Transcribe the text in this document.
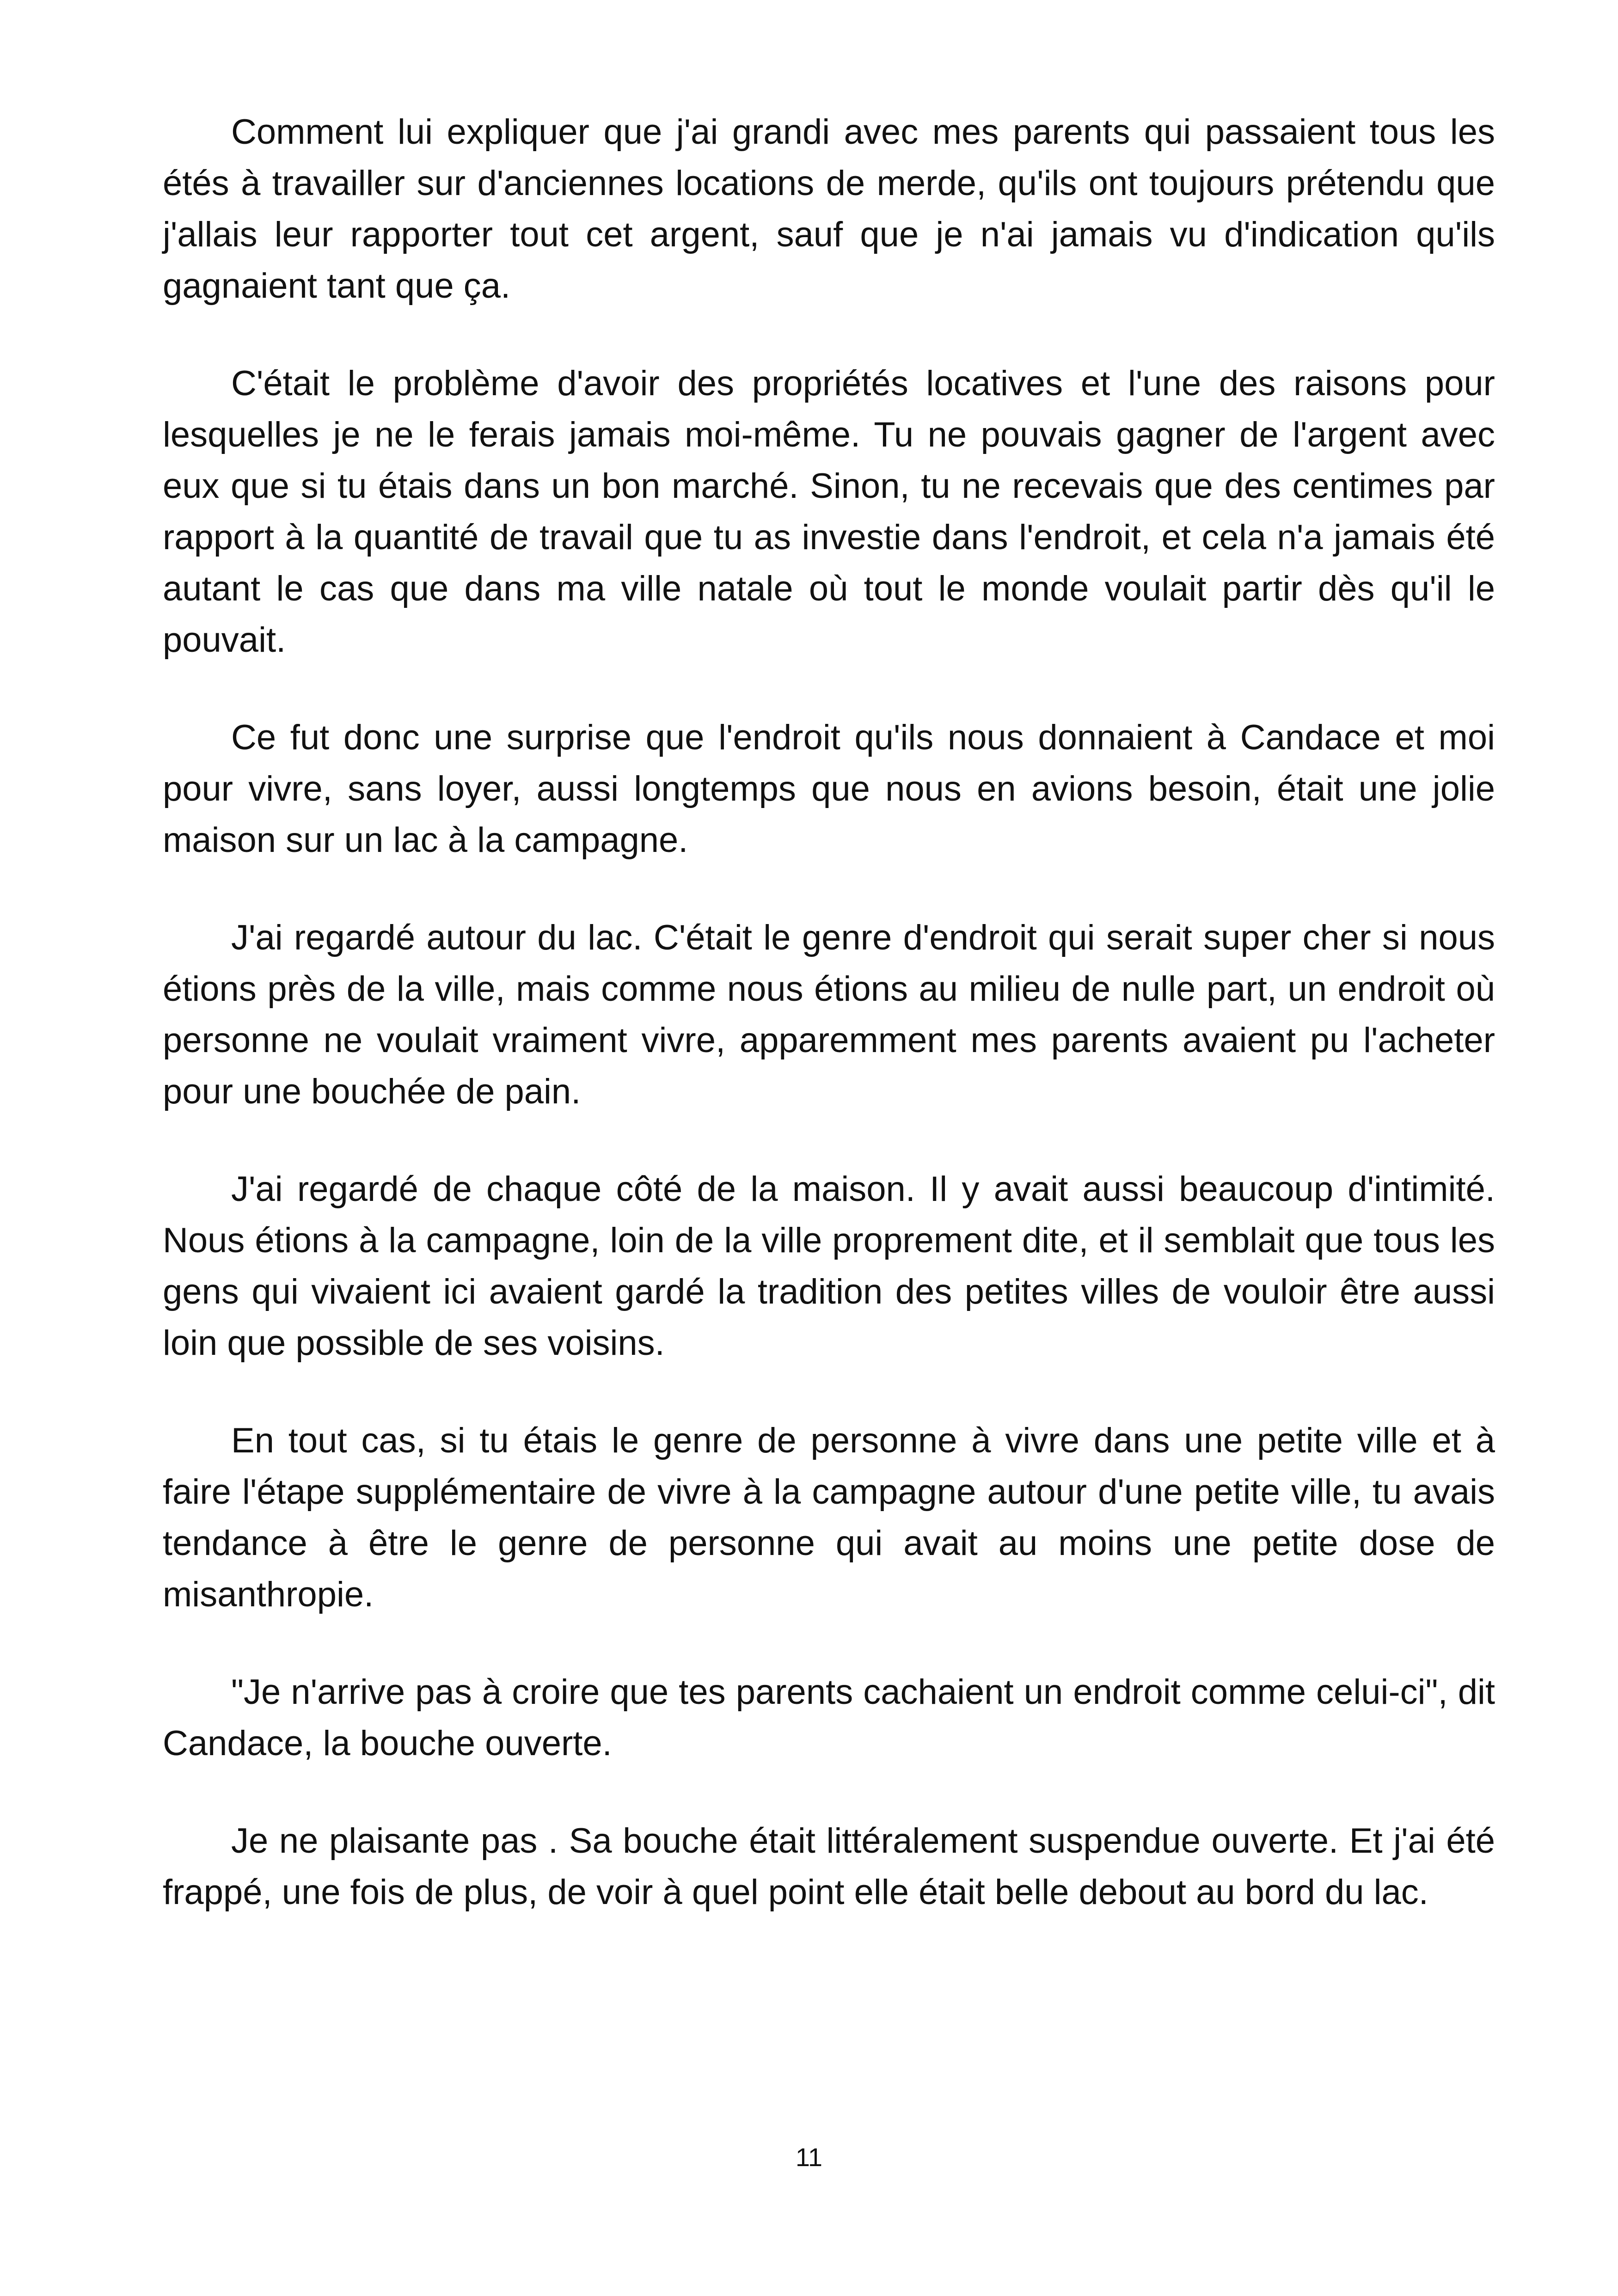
Comment lui expliquer que j'ai grandi avec mes parents qui passaient tous les étés à travailler sur d'anciennes locations de merde, qu'ils ont toujours prétendu que j'allais leur rapporter tout cet argent, sauf que je n'ai jamais vu d'indication qu'ils gagnaient tant que ça.

C'était le problème d'avoir des propriétés locatives et l'une des raisons pour lesquelles je ne le ferais jamais moi-même. Tu ne pouvais gagner de l'argent avec eux que si tu étais dans un bon marché. Sinon, tu ne recevais que des centimes par rapport à la quantité de travail que tu as investie dans l'endroit, et cela n'a jamais été autant le cas que dans ma ville natale où tout le monde voulait partir dès qu'il le pouvait.

Ce fut donc une surprise que l'endroit qu'ils nous donnaient à Candace et moi pour vivre, sans loyer, aussi longtemps que nous en avions besoin, était une jolie maison sur un lac à la campagne.

J'ai regardé autour du lac. C'était le genre d'endroit qui serait super cher si nous étions près de la ville, mais comme nous étions au milieu de nulle part, un endroit où personne ne voulait vraiment vivre, apparemment mes parents avaient pu l'acheter pour une bouchée de pain.

J'ai regardé de chaque côté de la maison. Il y avait aussi beaucoup d'intimité. Nous étions à la campagne, loin de la ville proprement dite, et il semblait que tous les gens qui vivaient ici avaient gardé la tradition des petites villes de vouloir être aussi loin que possible de ses voisins.

En tout cas, si tu étais le genre de personne à vivre dans une petite ville et à faire l'étape supplémentaire de vivre à la campagne autour d'une petite ville, tu avais tendance à être le genre de personne qui avait au moins une petite dose de misanthropie.

"Je n'arrive pas à croire que tes parents cachaient un endroit comme celui-ci", dit Candace, la bouche ouverte.

Je ne plaisante pas . Sa bouche était littéralement suspendue ouverte. Et j'ai été frappé, une fois de plus, de voir à quel point elle était belle debout au bord du lac.

11
